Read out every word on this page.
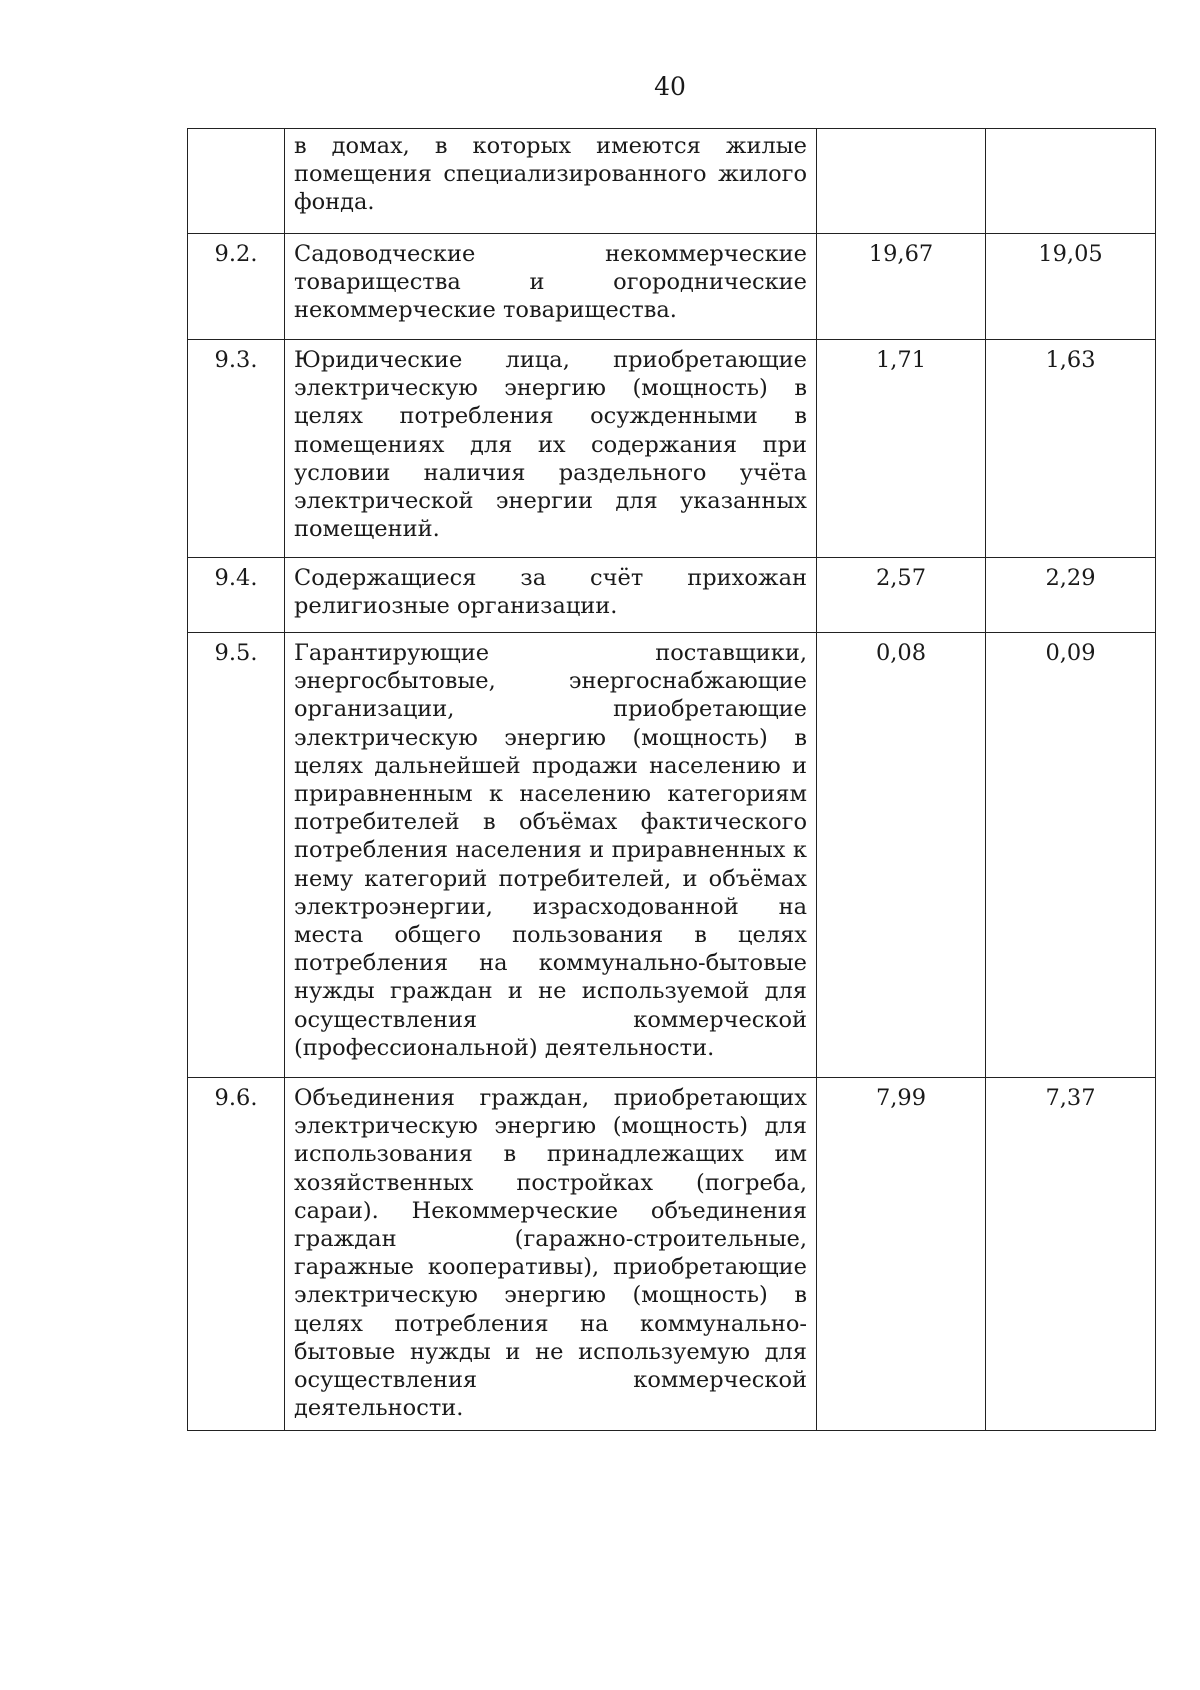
40
	в домах, в которых имеются жилые помещения специализированного жилого фонда.		
9.2.	Садоводческие некоммерческие товарищества и огороднические некоммерческие товарищества.	19,67	19,05
9.3.	Юридические лица, приобретающие электрическую энергию (мощность) в целях потребления осужденными в помещениях для их содержания при условии наличия раздельного учёта электрической энергии для указанных помещений.	1,71	1,63
9.4.	Содержащиеся за счёт прихожан религиозные организации.	2,57	2,29
9.5.	Гарантирующие поставщики, энергосбытовые, энергоснабжающие организации, приобретающие электрическую энергию (мощность) в целях дальнейшей продажи населению и приравненным к населению категориям потребителей в объёмах фактического потребления населения и приравненных к нему категорий потребителей, и объёмах электроэнергии, израсходованной на места общего пользования в целях потребления на коммунально-бытовые нужды граждан и не используемой для осуществления коммерческой (профессиональной) деятельности.	0,08	0,09
9.6.	Объединения граждан, приобретающих электрическую энергию (мощность) для использования в принадлежащих им хозяйственных постройках (погреба, сараи). Некоммерческие объединения граждан (гаражно-строительные, гаражные кооперативы), приобретающие электрическую энергию (мощность) в целях потребления на коммунально-бытовые нужды и не используемую для осуществления коммерческой деятельности.	7,99	7,37
